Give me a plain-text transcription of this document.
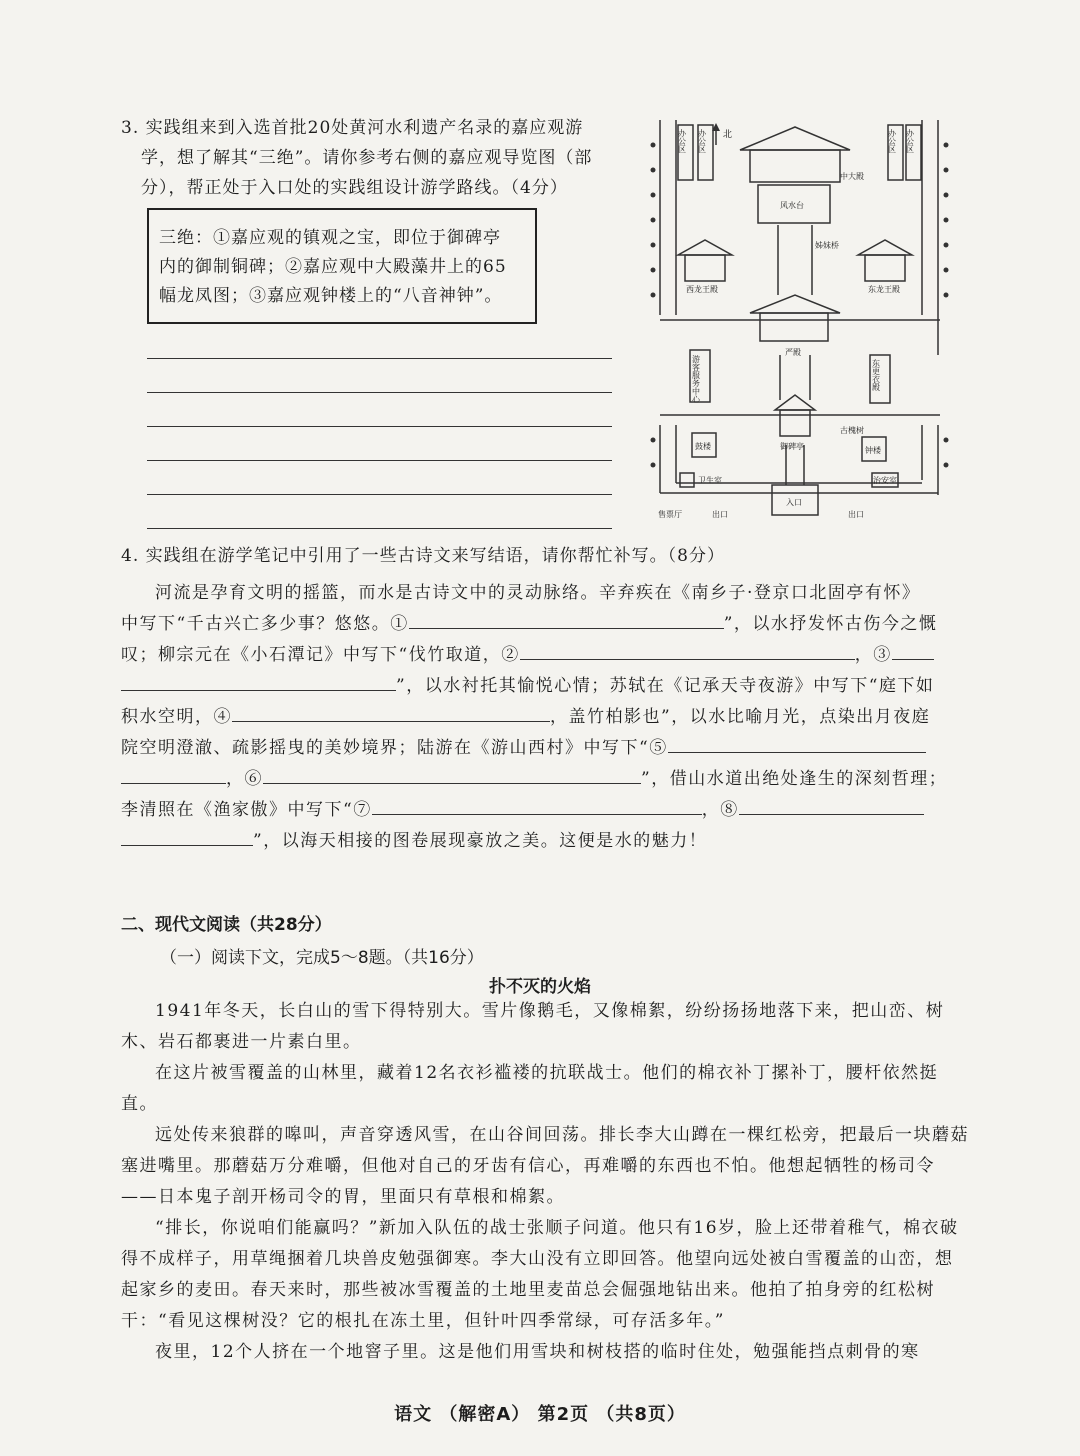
3. 实践组来到入选首批20处黄河水利遗产名录的嘉应观游
学，想了解其“三绝”。请你参考右侧的嘉应观导览图（部
分），帮正处于入口处的实践组设计游学路线。（4分）
三绝：①嘉应观的镇观之宝，即位于御碑亭
内的御制铜碑；②嘉应观中大殿藻井上的65
幅龙凤图；③嘉应观钟楼上的“八音神钟”。
北
办公区 办公区	办公区 办公区
中大殿
风水台
姊妹桥
西龙王殿	东龙王殿
严殿
游客服务中心	东更衣殿
古槐树
御碑亭
鼓楼	钟楼
卫生室	治安室
售票厅	出口	出口
入口
4. 实践组在游学笔记中引用了一些古诗文来写结语，请你帮忙补写。（8分）
河流是孕育文明的摇篮，而水是古诗文中的灵动脉络。辛弃疾在《南乡子·登京口北固亭有怀》
中写下“千古兴亡多少事？悠悠。①	”，以水抒发怀古伤今之慨
叹；柳宗元在《小石潭记》中写下“伐竹取道，②	，③
”，以水衬托其愉悦心情；苏轼在《记承天寺夜游》中写下“庭下如
积水空明，④	，盖竹柏影也”，以水比喻月光，点染出月夜庭
院空明澄澈、疏影摇曳的美妙境界；陆游在《游山西村》中写下“⑤
，⑥	”，借山水道出绝处逢生的深刻哲理；
李清照在《渔家傲》中写下“⑦	，⑧
”，以海天相接的图卷展现豪放之美。这便是水的魅力！
二、现代文阅读（共28分）
（一）阅读下文，完成5～8题。（共16分）
扑不灭的火焰
1941年冬天，长白山的雪下得特别大。雪片像鹅毛，又像棉絮，纷纷扬扬地落下来，把山峦、树木、岩石都裹进一片素白里。
在这片被雪覆盖的山林里，藏着12名衣衫褴褛的抗联战士。他们的棉衣补丁摞补丁，腰杆依然挺直。
远处传来狼群的嗥叫，声音穿透风雪，在山谷间回荡。排长李大山蹲在一棵红松旁，把最后一块蘑菇塞进嘴里。那蘑菇万分难嚼，但他对自己的牙齿有信心，再难嚼的东西也不怕。他想起牺牲的杨司令——日本鬼子剖开杨司令的胃，里面只有草根和棉絮。
“排长，你说咱们能赢吗？”新加入队伍的战士张顺子问道。他只有16岁，脸上还带着稚气，棉衣破得不成样子，用草绳捆着几块兽皮勉强御寒。李大山没有立即回答。他望向远处被白雪覆盖的山峦，想起家乡的麦田。春天来时，那些被冰雪覆盖的土地里麦苗总会倔强地钻出来。他拍了拍身旁的红松树干：“看见这棵树没？它的根扎在冻土里，但针叶四季常绿，可存活多年。”
夜里，12个人挤在一个地窨子里。这是他们用雪块和树枝搭的临时住处，勉强能挡点刺骨的寒
语文 （解密A） 第2页 （共8页）
